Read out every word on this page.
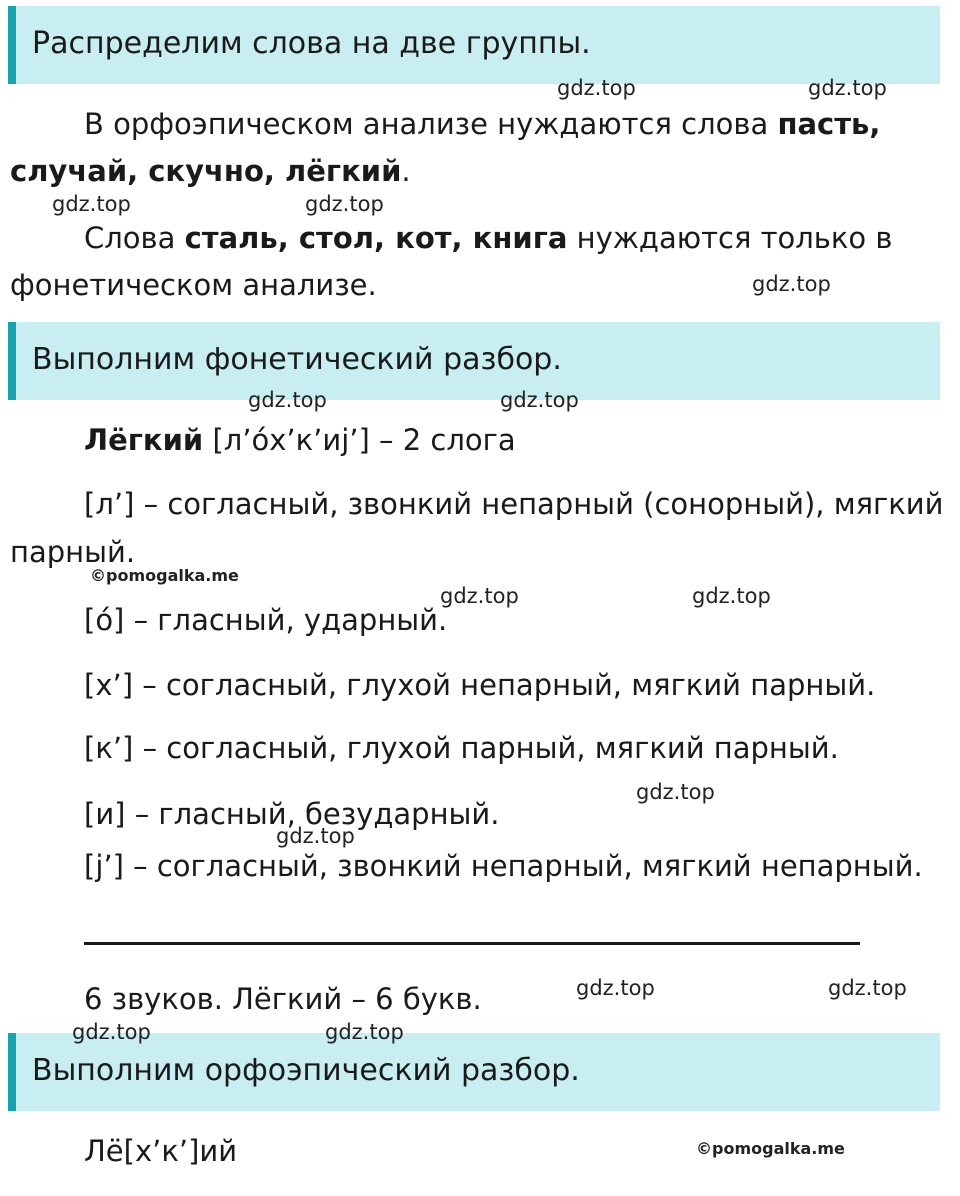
Распределим слова на две группы.
В орфоэпическом анализе нуждаются слова пасть,
случай, скучно, лёгкий.
Слова сталь, стол, кот, книга нуждаются только в
фонетическом анализе.
Выполним фонетический разбор.
Лёгкий [л’óх’к’иj’] – 2 слога
[л’] – согласный, звонкий непарный (сонорный), мягкий
парный.
[ó] – гласный, ударный.
[х’] – согласный, глухой непарный, мягкий парный.
[к’] – согласный, глухой парный, мягкий парный.
[и] – гласный, безударный.
[j’] – согласный, звонкий непарный, мягкий непарный.
6 звуков. Лёгкий – 6 букв.
Выполним орфоэпический разбор.
Лё[х’к’]ий
gdz.top	gdz.top
gdz.top	gdz.top
gdz.top
gdz.top	gdz.top
©pomogalka.me
gdz.top	gdz.top
gdz.top
gdz.top
gdz.top	gdz.top
gdz.top	gdz.top
©pomogalka.me
